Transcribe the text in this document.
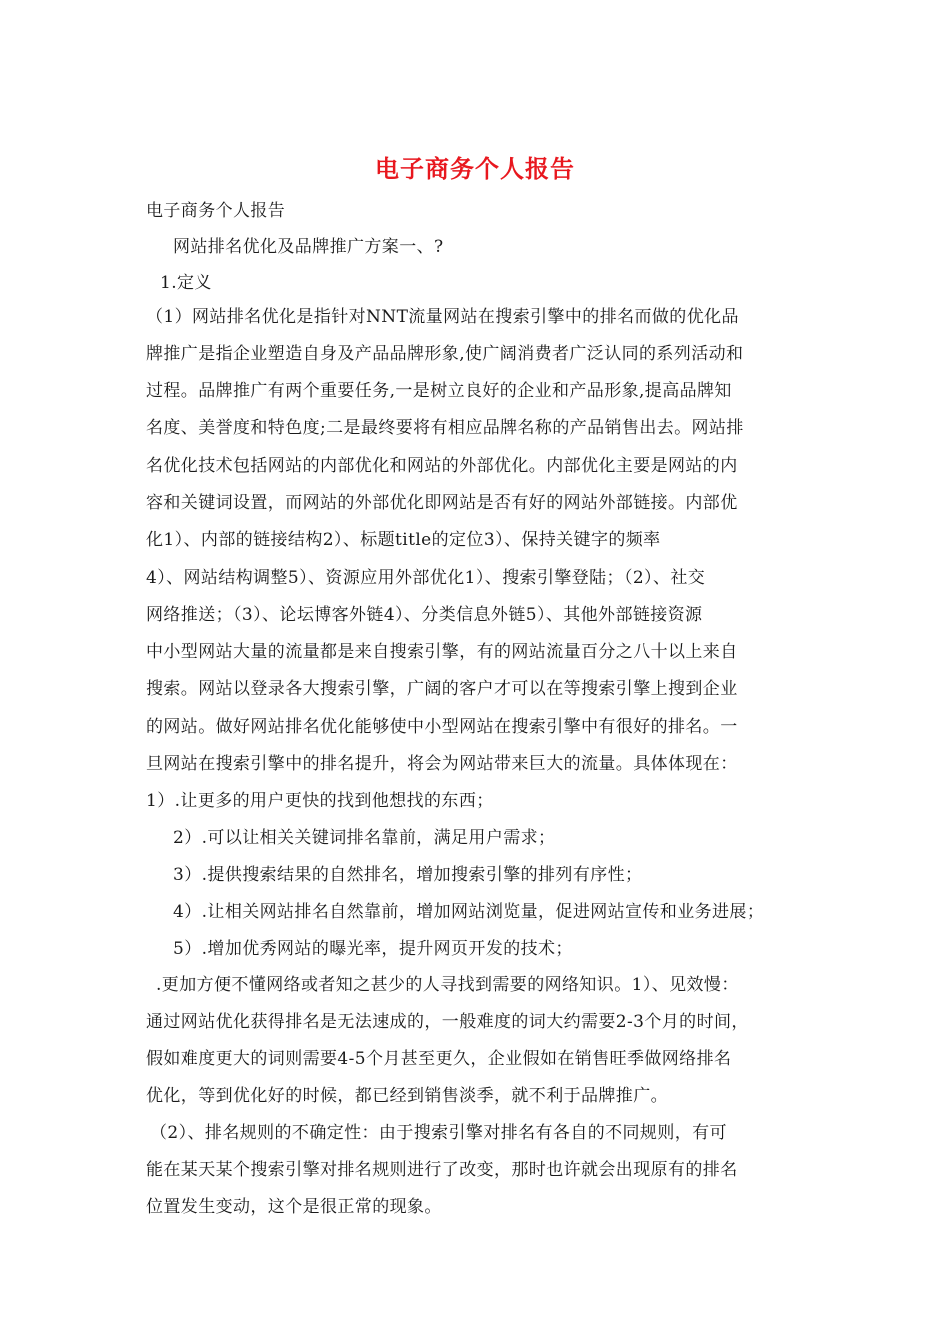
电子商务个人报告
电子商务个人报告
网站排名优化及品牌推广方案一、?
1.定义
（1）网站排名优化是指针对NNT流量网站在搜索引擎中的排名而做的优化品
牌推广是指企业塑造自身及产品品牌形象,使广阔消费者广泛认同的系列活动和
过程。品牌推广有两个重要任务,一是树立良好的企业和产品形象,提高品牌知
名度、美誉度和特色度;二是最终要将有相应品牌名称的产品销售出去。网站排
名优化技术包括网站的内部优化和网站的外部优化。内部优化主要是网站的内
容和关键词设置，而网站的外部优化即网站是否有好的网站外部链接。内部优
化1）、内部的链接结构2）、标题title的定位3）、保持关键字的频率
4）、网站结构调整5）、资源应用外部优化1）、搜索引擎登陆；（2）、社交
网络推送；（3）、论坛博客外链4）、分类信息外链5）、其他外部链接资源
中小型网站大量的流量都是来自搜索引擎，有的网站流量百分之八十以上来自
搜索。网站以登录各大搜索引擎，广阔的客户才可以在等搜索引擎上搜到企业
的网站。做好网站排名优化能够使中小型网站在搜索引擎中有很好的排名。一
旦网站在搜索引擎中的排名提升，将会为网站带来巨大的流量。具体体现在：
1）.让更多的用户更快的找到他想找的东西；
2）.可以让相关关键词排名靠前，满足用户需求；
3）.提供搜索结果的自然排名，增加搜索引擎的排列有序性；
4）.让相关网站排名自然靠前，增加网站浏览量，促进网站宣传和业务进展；
5）.增加优秀网站的曝光率，提升网页开发的技术；
.更加方便不懂网络或者知之甚少的人寻找到需要的网络知识。1）、见效慢：
通过网站优化获得排名是无法速成的，一般难度的词大约需要2-3个月的时间，
假如难度更大的词则需要4-5个月甚至更久，企业假如在销售旺季做网络排名
优化，等到优化好的时候，都已经到销售淡季，就不利于品牌推广。
（2）、排名规则的不确定性：由于搜索引擎对排名有各自的不同规则，有可
能在某天某个搜索引擎对排名规则进行了改变，那时也许就会出现原有的排名
位置发生变动，这个是很正常的现象。
